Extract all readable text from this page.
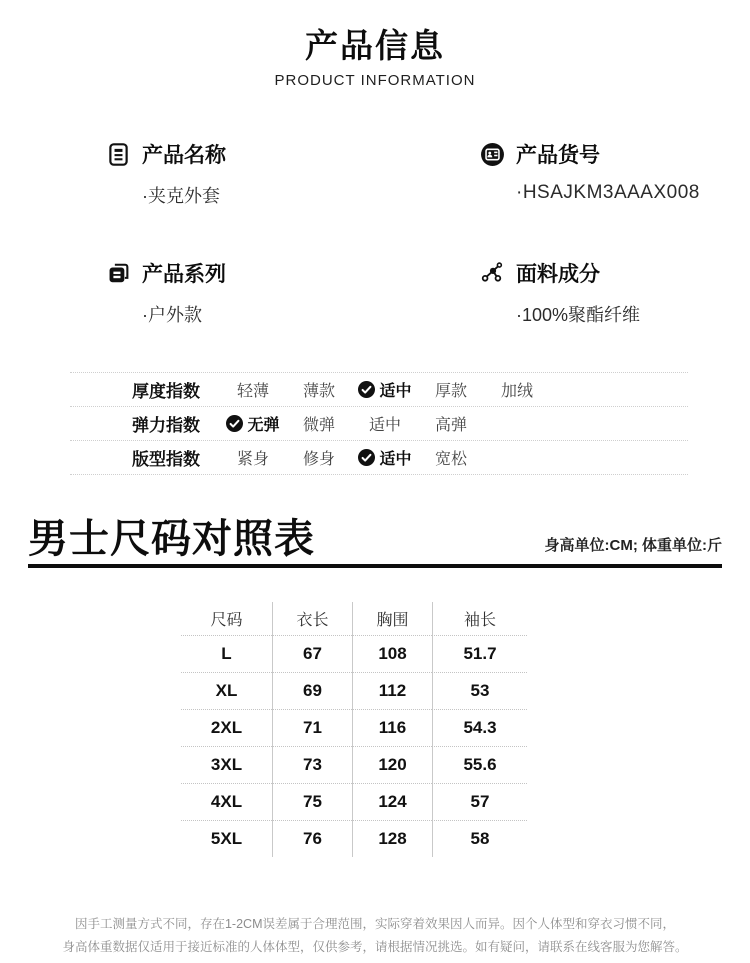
产品信息
PRODUCT INFORMATION
产品名称
·夹克外套
产品货号
·HSAJKM3AAAX008
产品系列
·户外款
面料成分
·100%聚酯纤维
厚度指数	轻薄	薄款	适中	厚款	加绒
弹力指数	无弹	微弹	适中	高弹
版型指数	紧身	修身	适中	宽松
男士尺码对照表	身高单位:CM; 体重单位:斤
尺码	衣长	胸围	袖长
L	67	108	51.7
XL	69	112	53
2XL	71	116	54.3
3XL	73	120	55.6
4XL	75	124	57
5XL	76	128	58
因手工测量方式不同，存在1-2CM误差属于合理范围，实际穿着效果因人而异。因个人体型和穿衣习惯不同，
身高体重数据仅适用于接近标准的人体体型，仅供参考，请根据情况挑选。如有疑问，请联系在线客服为您解答。
